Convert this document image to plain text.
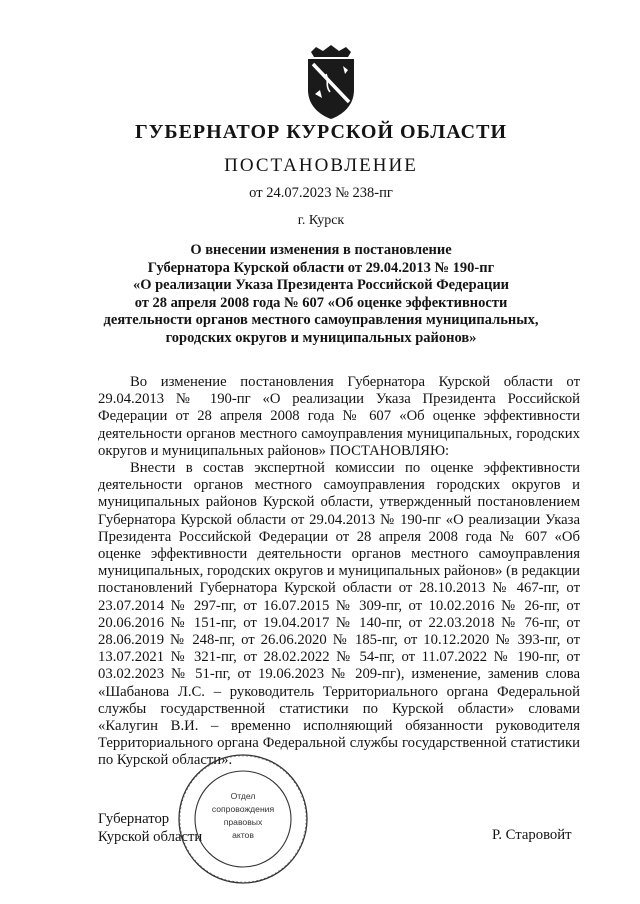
ГУБЕРНАТОР КУРСКОЙ ОБЛАСТИ
ПОСТАНОВЛЕНИЕ
от 24.07.2023 № 238-пг
г. Курск
О внесении изменения в постановление
Губернатора Курской области от 29.04.2013 № 190-пг
«О реализации Указа Президента Российской Федерации
от 28 апреля 2008 года № 607 «Об оценке эффективности
деятельности органов местного самоуправления муниципальных,
городских округов и муниципальных районов»

Во изменение постановления Губернатора Курской области от 29.04.2013 № 190-пг «О реализации Указа Президента Российской Федерации от 28 апреля 2008 года № 607 «Об оценке эффективности деятельности органов местного самоуправления муниципальных, городских округов и муниципальных районов» ПОСТАНОВЛЯЮ:

Внести в состав экспертной комиссии по оценке эффективности деятельности органов местного самоуправления городских округов и муниципальных районов Курской области, утвержденный постановлением Губернатора Курской области от 29.04.2013 № 190-пг «О реализации Указа Президента Российской Федерации от 28 апреля 2008 года № 607 «Об оценке эффективности деятельности органов местного самоуправления муниципальных, городских округов и муниципальных районов» (в редакции постановлений Губернатора Курской области от 28.10.2013 № 467-пг, от 23.07.2014 № 297-пг, от 16.07.2015 № 309-пг, от 10.02.2016 № 26-пг, от 20.06.2016 № 151-пг, от 19.04.2017 № 140-пг, от 22.03.2018 № 76-пг, от 28.06.2019 № 248-пг, от 26.06.2020 № 185-пг, от 10.12.2020 № 393-пг, от 13.07.2021 № 321-пг, от 28.02.2022 № 54-пг, от 11.07.2022 № 190-пг, от 03.02.2023 № 51-пг, от 19.06.2023 № 209-пг), изменение, заменив слова «Шабанова Л.С. – руководитель Территориального органа Федеральной службы государственной статистики по Курской области» словами «Калугин В.И. – временно исполняющий обязанности руководителя Территориального органа Федеральной службы государственной статистики по Курской области».

Губернатор
Курской области	Р. Старовойт
Отдел
сопровождения
правовых
актов
